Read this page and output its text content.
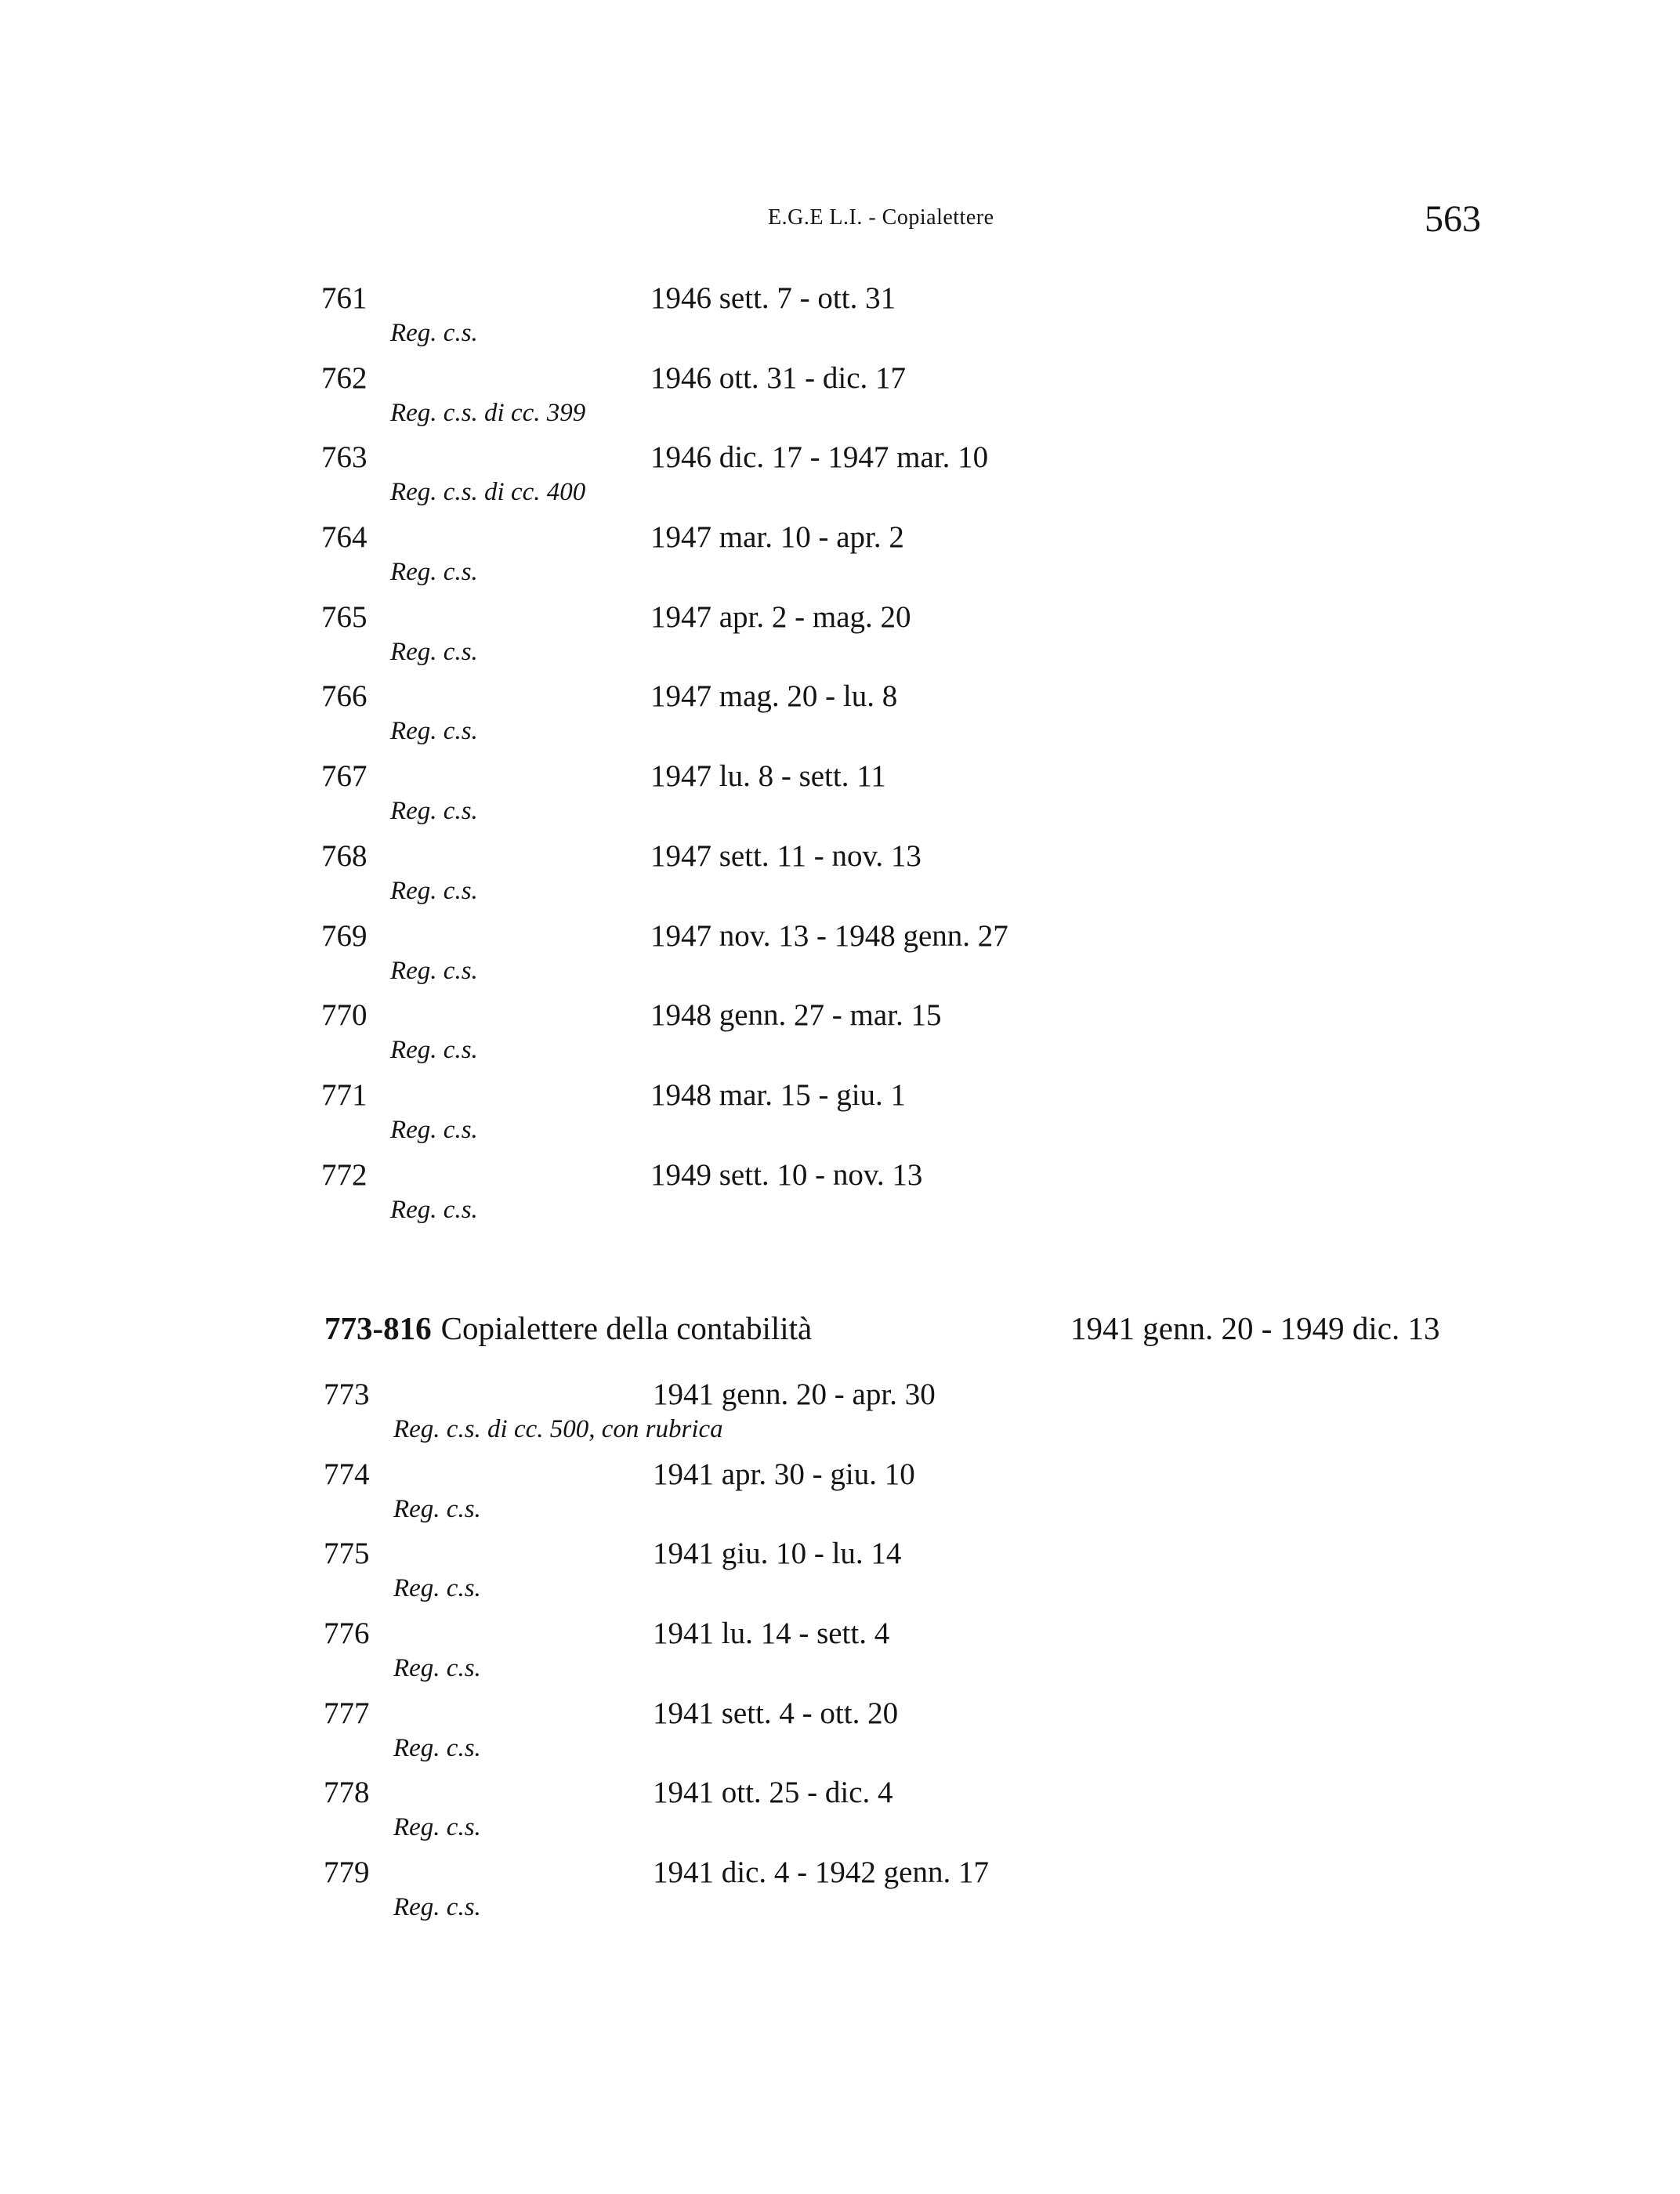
E.G.E L.I. - Copialettere	563
761	1946 sett. 7 - ott. 31
Reg. c.s.
762	1946 ott. 31 - dic. 17
Reg. c.s. di cc. 399
763	1946 dic. 17 - 1947 mar. 10
Reg. c.s. di cc. 400
764	1947 mar. 10 - apr. 2
Reg. c.s.
765	1947 apr. 2 - mag. 20
Reg. c.s.
766	1947 mag. 20 - lu. 8
Reg. c.s.
767	1947 lu. 8 - sett. 11
Reg. c.s.
768	1947 sett. 11 - nov. 13
Reg. c.s.
769	1947 nov. 13 - 1948 genn. 27
Reg. c.s.
770	1948 genn. 27 - mar. 15
Reg. c.s.
771	1948 mar. 15 - giu. 1
Reg. c.s.
772	1949 sett. 10 - nov. 13
Reg. c.s.
773-816 Copialettere della contabilità	1941 genn. 20 - 1949 dic. 13
773	1941 genn. 20 - apr. 30
Reg. c.s. di cc. 500, con rubrica
774	1941 apr. 30 - giu. 10
Reg. c.s.
775	1941 giu. 10 - lu. 14
Reg. c.s.
776	1941 lu. 14 - sett. 4
Reg. c.s.
777	1941 sett. 4 - ott. 20
Reg. c.s.
778	1941 ott. 25 - dic. 4
Reg. c.s.
779	1941 dic. 4 - 1942 genn. 17
Reg. c.s.
